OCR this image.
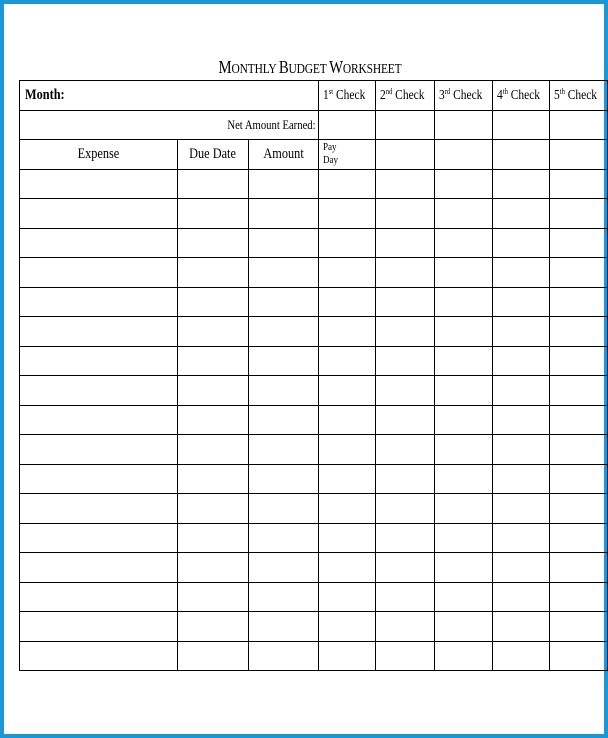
MONTHLY BUDGET WORKSHEET
Month:			1st Check	2nd Check	3rd Check	4th Check	5th Check
Net Amount Earned:							
Expense	Due Date	Amount	Pay
Day				
